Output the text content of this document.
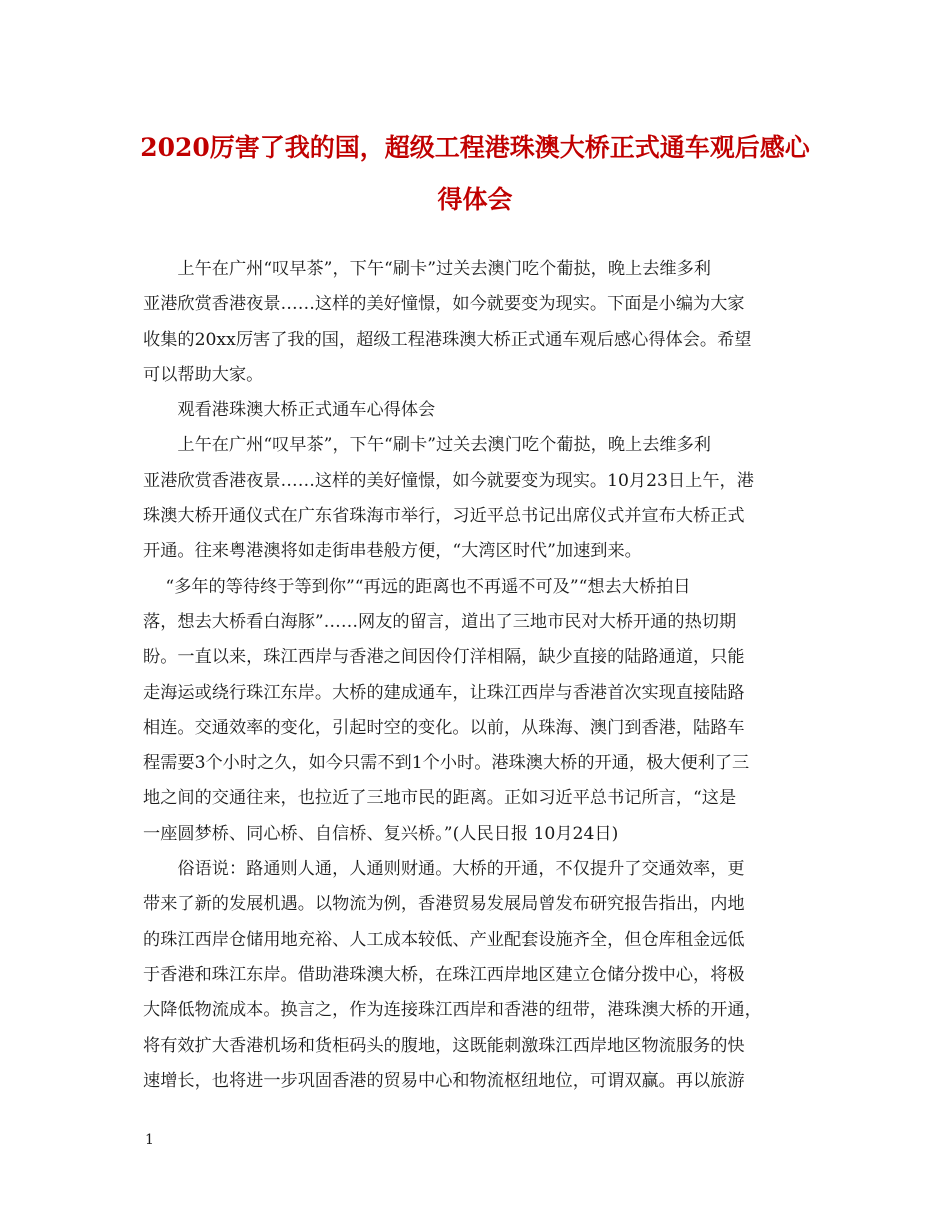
2020厉害了我的国，超级工程港珠澳大桥正式通车观后感心
得体会

上午在广州“叹早茶”，下午“刷卡”过关去澳门吃个葡挞，晚上去维多利
亚港欣赏香港夜景……这样的美好憧憬，如今就要变为现实。下面是小编为大家
收集的20xx厉害了我的国，超级工程港珠澳大桥正式通车观后感心得体会。希望
可以帮助大家。

观看港珠澳大桥正式通车心得体会

上午在广州“叹早茶”，下午“刷卡”过关去澳门吃个葡挞，晚上去维多利
亚港欣赏香港夜景……这样的美好憧憬，如今就要变为现实。10月23日上午，港
珠澳大桥开通仪式在广东省珠海市举行，习近平总书记出席仪式并宣布大桥正式
开通。往来粤港澳将如走街串巷般方便，“大湾区时代”加速到来。

“多年的等待终于等到你”“再远的距离也不再遥不可及”“想去大桥拍日
落，想去大桥看白海豚”……网友的留言，道出了三地市民对大桥开通的热切期
盼。一直以来，珠江西岸与香港之间因伶仃洋相隔，缺少直接的陆路通道，只能
走海运或绕行珠江东岸。大桥的建成通车，让珠江西岸与香港首次实现直接陆路
相连。交通效率的变化，引起时空的变化。以前，从珠海、澳门到香港，陆路车
程需要3个小时之久，如今只需不到1个小时。港珠澳大桥的开通，极大便利了三
地之间的交通往来，也拉近了三地市民的距离。正如习近平总书记所言，“这是
一座圆梦桥、同心桥、自信桥、复兴桥。”(人民日报 10月24日)

俗语说：路通则人通，人通则财通。大桥的开通，不仅提升了交通效率，更
带来了新的发展机遇。以物流为例，香港贸易发展局曾发布研究报告指出，内地
的珠江西岸仓储用地充裕、人工成本较低、产业配套设施齐全，但仓库租金远低
于香港和珠江东岸。借助港珠澳大桥，在珠江西岸地区建立仓储分拨中心，将极
大降低物流成本。换言之，作为连接珠江西岸和香港的纽带，港珠澳大桥的开通，
将有效扩大香港机场和货柜码头的腹地，这既能刺激珠江西岸地区物流服务的快
速增长，也将进一步巩固香港的贸易中心和物流枢纽地位，可谓双赢。再以旅游

1
